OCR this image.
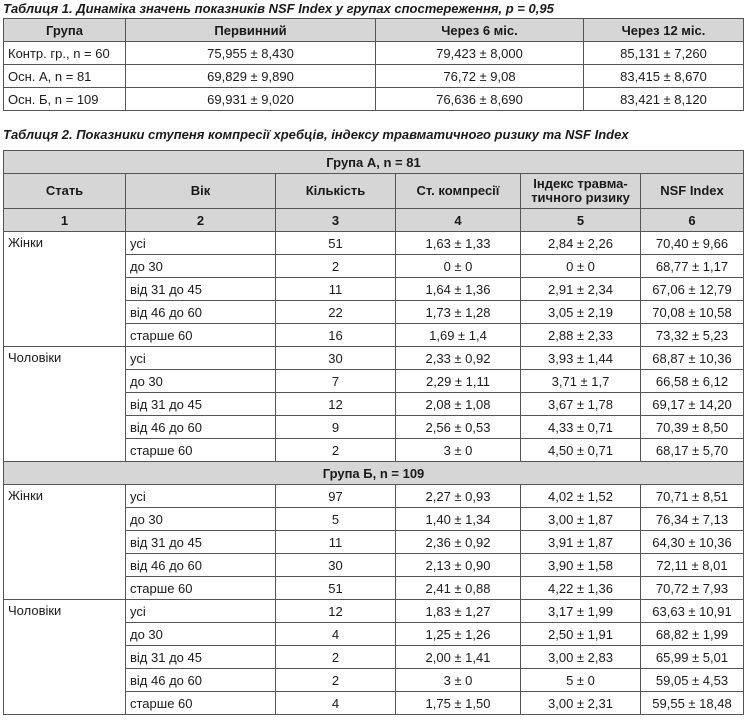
Таблиця 1. Динаміка значень показників NSF Index у групах спостереження, р = 0,95
Група	Первинний	Через 6 міс.	Через 12 міс.
Контр. гр., n = 60	75,955 ± 8,430	79,423 ± 8,000	85,131 ± 7,260
Осн. А, n = 81	69,829 ± 9,890	76,72 ± 9,08	83,415 ± 8,670
Осн. Б, n = 109	69,931 ± 9,020	76,636 ± 8,690	83,421 ± 8,120
Таблиця 2. Показники ступеня компресії хребців, індексу травматичного ризику та NSF Index
Група А, n = 81					
Стать	Вік	Кількість	Ст. компресії	Індекс травма-тичного ризику	NSF Index
1	2	3	4	5	6
Жінки	усі	51	1,63 ± 1,33	2,84 ± 2,26	70,40 ± 9,66
	до 30	2	0 ± 0	0 ± 0	68,77 ± 1,17
	від 31 до 45	11	1,64 ± 1,36	2,91 ± 2,34	67,06 ± 12,79
	від 46 до 60	22	1,73 ± 1,28	3,05 ± 2,19	70,08 ± 10,58
	старше 60	16	1,69 ± 1,4	2,88 ± 2,33	73,32 ± 5,23
Чоловіки	усі	30	2,33 ± 0,92	3,93 ± 1,44	68,87 ± 10,36
	до 30	7	2,29 ± 1,11	3,71 ± 1,7	66,58 ± 6,12
	від 31 до 45	12	2,08 ± 1,08	3,67 ± 1,78	69,17 ± 14,20
	від 46 до 60	9	2,56 ± 0,53	4,33 ± 0,71	70,39 ± 8,50
	старше 60	2	3 ± 0	4,50 ± 0,71	68,17 ± 5,70
Група Б, n = 109					
Жінки	усі	97	2,27 ± 0,93	4,02 ± 1,52	70,71 ± 8,51
	до 30	5	1,40 ± 1,34	3,00 ± 1,87	76,34 ± 7,13
	від 31 до 45	11	2,36 ± 0,92	3,91 ± 1,87	64,30 ± 10,36
	від 46 до 60	30	2,13 ± 0,90	3,90 ± 1,58	72,11 ± 8,01
	старше 60	51	2,41 ± 0,88	4,22 ± 1,36	70,72 ± 7,93
Чоловіки	усі	12	1,83 ± 1,27	3,17 ± 1,99	63,63 ± 10,91
	до 30	4	1,25 ± 1,26	2,50 ± 1,91	68,82 ± 1,99
	від 31 до 45	2	2,00 ± 1,41	3,00 ± 2,83	65,99 ± 5,01
	від 46 до 60	2	3 ± 0	5 ± 0	59,05 ± 4,53
	старше 60	4	1,75 ± 1,50	3,00 ± 2,31	59,55 ± 18,48
